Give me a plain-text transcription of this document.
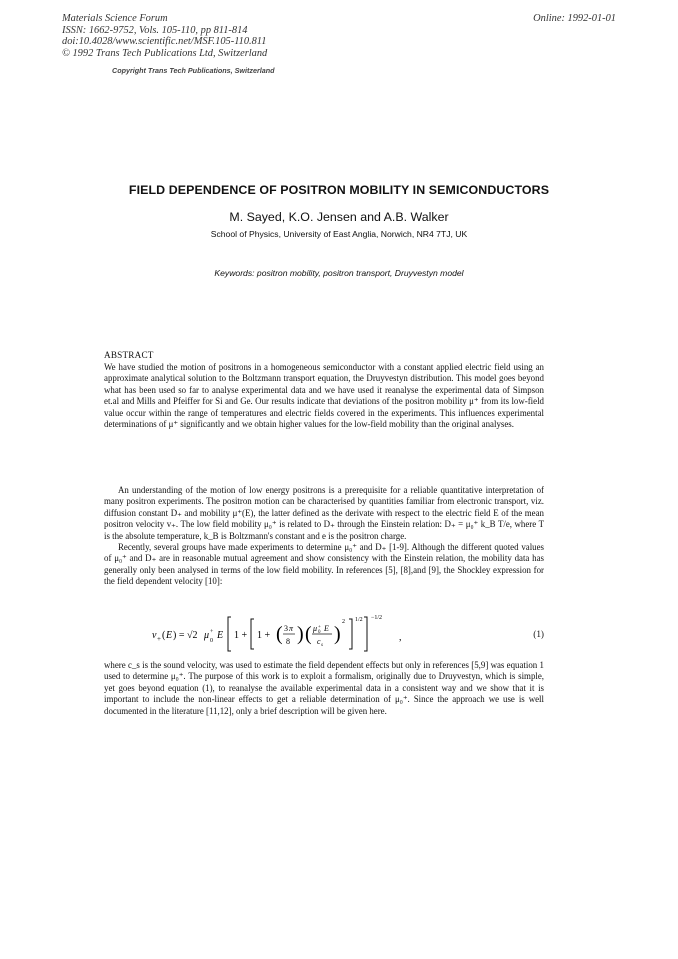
Materials Science Forum
ISSN: 1662-9752, Vols. 105-110, pp 811-814
doi:10.4028/www.scientific.net/MSF.105-110.811
© 1992 Trans Tech Publications Ltd, Switzerland
Online: 1992-01-01
Copyright Trans Tech Publications, Switzerland
FIELD DEPENDENCE OF POSITRON MOBILITY IN SEMICONDUCTORS
M. Sayed, K.O. Jensen and A.B. Walker
School of Physics, University of East Anglia, Norwich, NR4 7TJ, UK
Keywords: positron mobility, positron transport, Druyvestyn model
ABSTRACT

We have studied the motion of positrons in a homogeneous semiconductor with a constant applied electric field using an approximate analytical solution to the Boltzmann transport equation, the Druyvestyn distribution. This model goes beyond what has been used so far to analyse experimental data and we have used it reanalyse the experimental data of Simpson et.al and Mills and Pfeiffer for Si and Ge. Our results indicate that deviations of the positron mobility μ⁺ from its low-field value occur within the range of temperatures and electric fields covered in the experiments. This influences experimental determinations of μ⁺ significantly and we obtain higher values for the low-field mobility than the original analyses.

An understanding of the motion of low energy positrons is a prerequisite for a reliable quantitative interpretation of many positron experiments. The positron motion can be characterised by quantities familiar from electronic transport, viz. diffusion constant D₊ and mobility μ⁺(E), the latter defined as the derivate with respect to the electric field E of the mean positron velocity v₊. The low field mobility μ₀⁺ is related to D₊ through the Einstein relation: D₊ = μ₀⁺ k_B T/e, where T is the absolute temperature, k_B is Boltzmann's constant and e is the positron charge.

Recently, several groups have made experiments to determine μ₀⁺ and D₊ [1-9]. Although the different quoted values of μ₀⁺ and D₊ are in reasonable mutual agreement and show consistency with the Einstein relation, the mobility data has generally only been analysed in terms of the low field mobility. In references [5], [8],and [9], the Shockley expression for the field dependent velocity [10]:

v + ( E ) = √2 μ +
0 E 1 + 1 + ( 3 π
8 ) ( μ +
0 E
c s
)
2 1/2 −1/2
,	(1)

where c_s is the sound velocity, was used to estimate the field dependent effects but only in references [5,9] was equation 1 used to determine μ₀⁺. The purpose of this work is to exploit a formalism, originally due to Druyvestyn, which is simple, yet goes beyond equation (1), to reanalyse the available experimental data in a consistent way and we show that it is important to include the non-linear effects to get a reliable determination of μ₀⁺. Since the approach we use is well documented in the literature [11,12], only a brief description will be given here.
